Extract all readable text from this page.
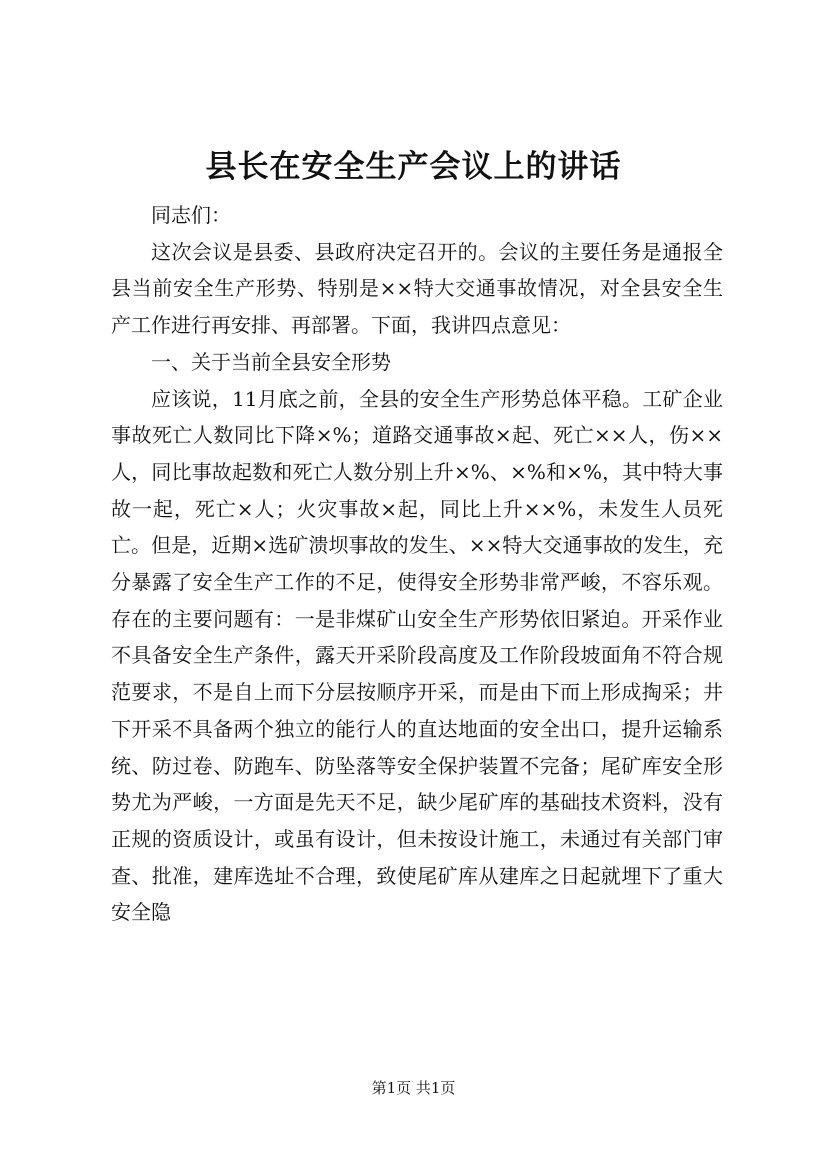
县长在安全生产会议上的讲话

同志们：

这次会议是县委、县政府决定召开的。会议的主要任务是通报全县当前安全生产形势、特别是××特大交通事故情况，对全县安全生产工作进行再安排、再部署。下面，我讲四点意见：

一、关于当前全县安全形势

应该说，11月底之前，全县的安全生产形势总体平稳。工矿企业事故死亡人数同比下降×%；道路交通事故×起、死亡××人，伤××人，同比事故起数和死亡人数分别上升×%、×%和×%，其中特大事故一起，死亡×人；火灾事故×起，同比上升××%，未发生人员死亡。但是，近期×选矿溃坝事故的发生、××特大交通事故的发生，充分暴露了安全生产工作的不足，使得安全形势非常严峻，不容乐观。存在的主要问题有：一是非煤矿山安全生产形势依旧紧迫。开采作业不具备安全生产条件，露天开采阶段高度及工作阶段坡面角不符合规范要求，不是自上而下分层按顺序开采，而是由下而上形成掏采；井下开采不具备两个独立的能行人的直达地面的安全出口，提升运输系统、防过卷、防跑车、防坠落等安全保护装置不完备；尾矿库安全形势尤为严峻，一方面是先天不足，缺少尾矿库的基础技术资料，没有正规的资质设计，或虽有设计，但未按设计施工，未通过有关部门审查、批准，建库选址不合理，致使尾矿库从建库之日起就埋下了重大安全隐

第1页 共1页
